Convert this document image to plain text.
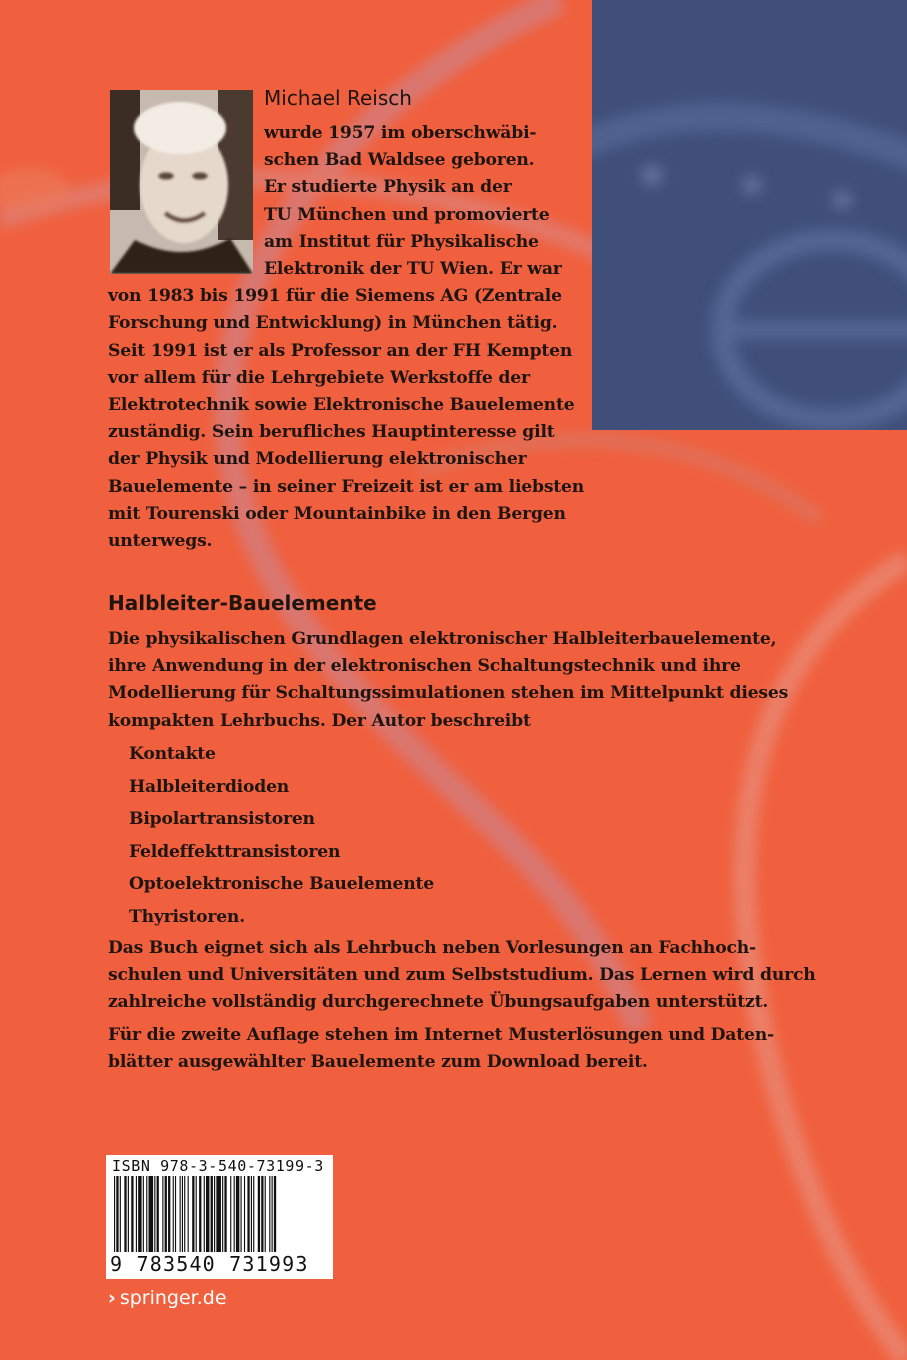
Michael Reisch
wurde 1957 im oberschwäbi-
schen Bad Waldsee geboren.
Er studierte Physik an der
TU München und promovierte
am Institut für Physikalische
Elektronik der TU Wien. Er war
von 1983 bis 1991 für die Siemens AG (Zentrale
Forschung und Entwicklung) in München tätig.
Seit 1991 ist er als Professor an der FH Kempten
vor allem für die Lehrgebiete Werkstoffe der
Elektrotechnik sowie Elektronische Bauelemente
zuständig. Sein berufliches Hauptinteresse gilt
der Physik und Modellierung elektronischer
Bauelemente – in seiner Freizeit ist er am liebsten
mit Tourenski oder Mountainbike in den Bergen
unterwegs.
Halbleiter-Bauelemente
Die physikalischen Grundlagen elektronischer Halbleiterbauelemente,
ihre Anwendung in der elektronischen Schaltungstechnik und ihre
Modellierung für Schaltungssimulationen stehen im Mittelpunkt dieses
kompakten Lehrbuchs. Der Autor beschreibt
Kontakte
Halbleiterdioden
Bipolartransistoren
Feldeffekttransistoren
Optoelektronische Bauelemente
Thyristoren.
Das Buch eignet sich als Lehrbuch neben Vorlesungen an Fachhoch-
schulen und Universitäten und zum Selbststudium. Das Lernen wird durch
zahlreiche vollständig durchgerechnete Übungsaufgaben unterstützt.
Für die zweite Auflage stehen im Internet Musterlösungen und Daten-
blätter ausgewählter Bauelemente zum Download bereit.
ISBN 978-3-540-73199-3
9 783540 731993
› springer.de
